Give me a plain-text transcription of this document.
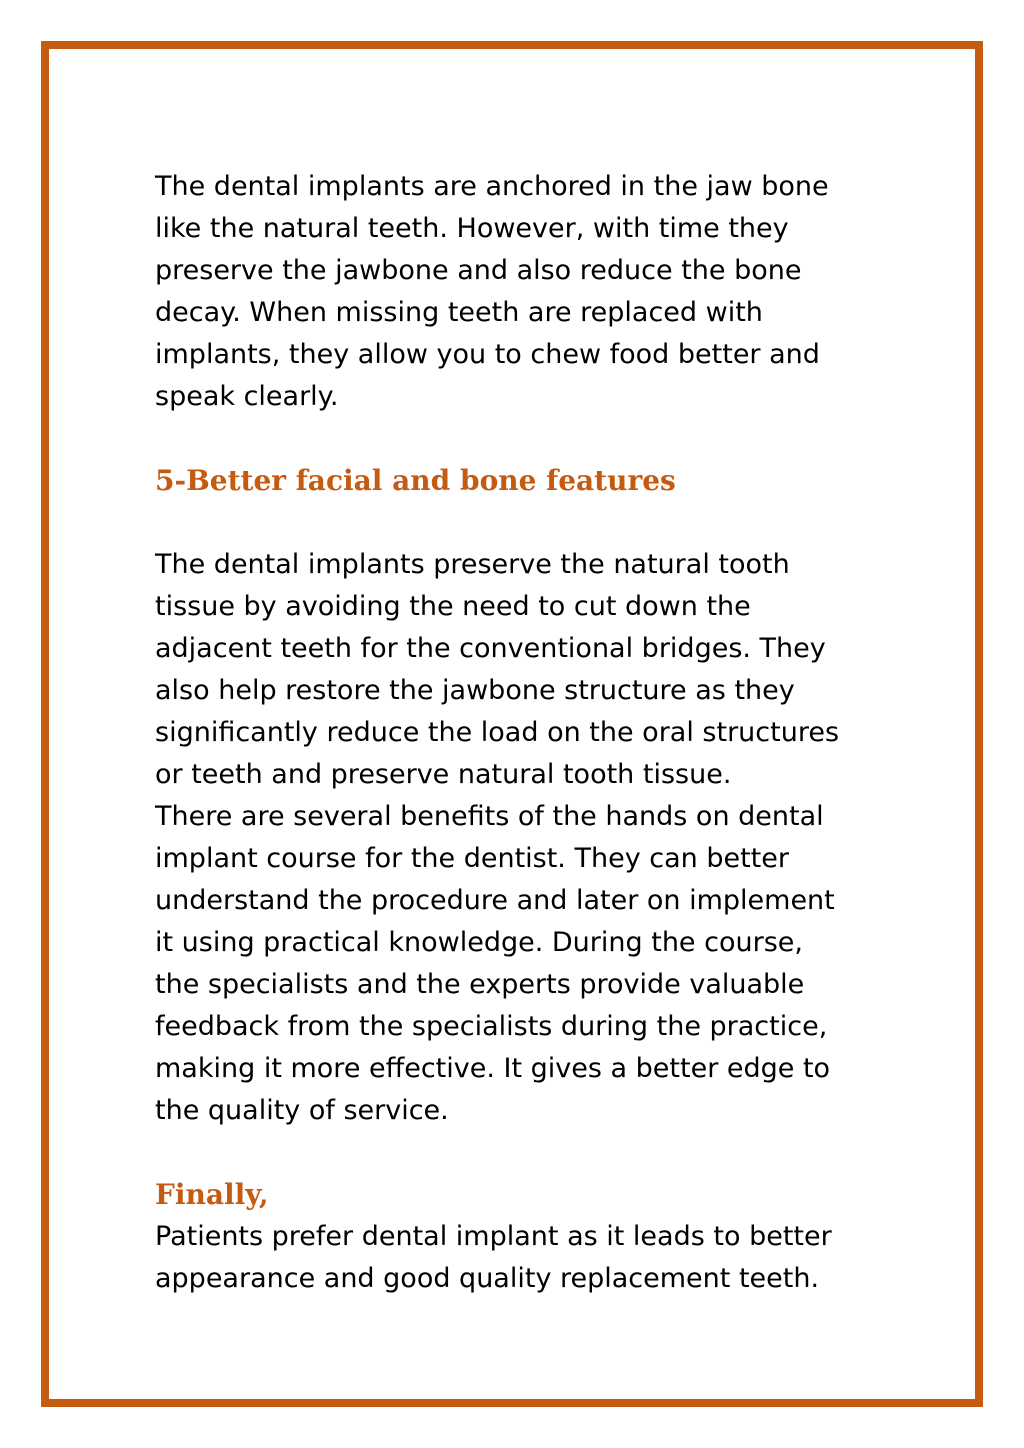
The dental implants are anchored in the jaw bone
like the natural teeth. However, with time they
preserve the jawbone and also reduce the bone
decay. When missing teeth are replaced with
implants, they allow you to chew food better and
speak clearly.

5-Better facial and bone features

The dental implants preserve the natural tooth
tissue by avoiding the need to cut down the
adjacent teeth for the conventional bridges. They
also help restore the jawbone structure as they
significantly reduce the load on the oral structures
or teeth and preserve natural tooth tissue.

There are several benefits of the hands on dental
implant course for the dentist. They can better
understand the procedure and later on implement
it using practical knowledge. During the course,
the specialists and the experts provide valuable
feedback from the specialists during the practice,
making it more effective. It gives a better edge to
the quality of service.

Finally,

Patients prefer dental implant as it leads to better
appearance and good quality replacement teeth.
